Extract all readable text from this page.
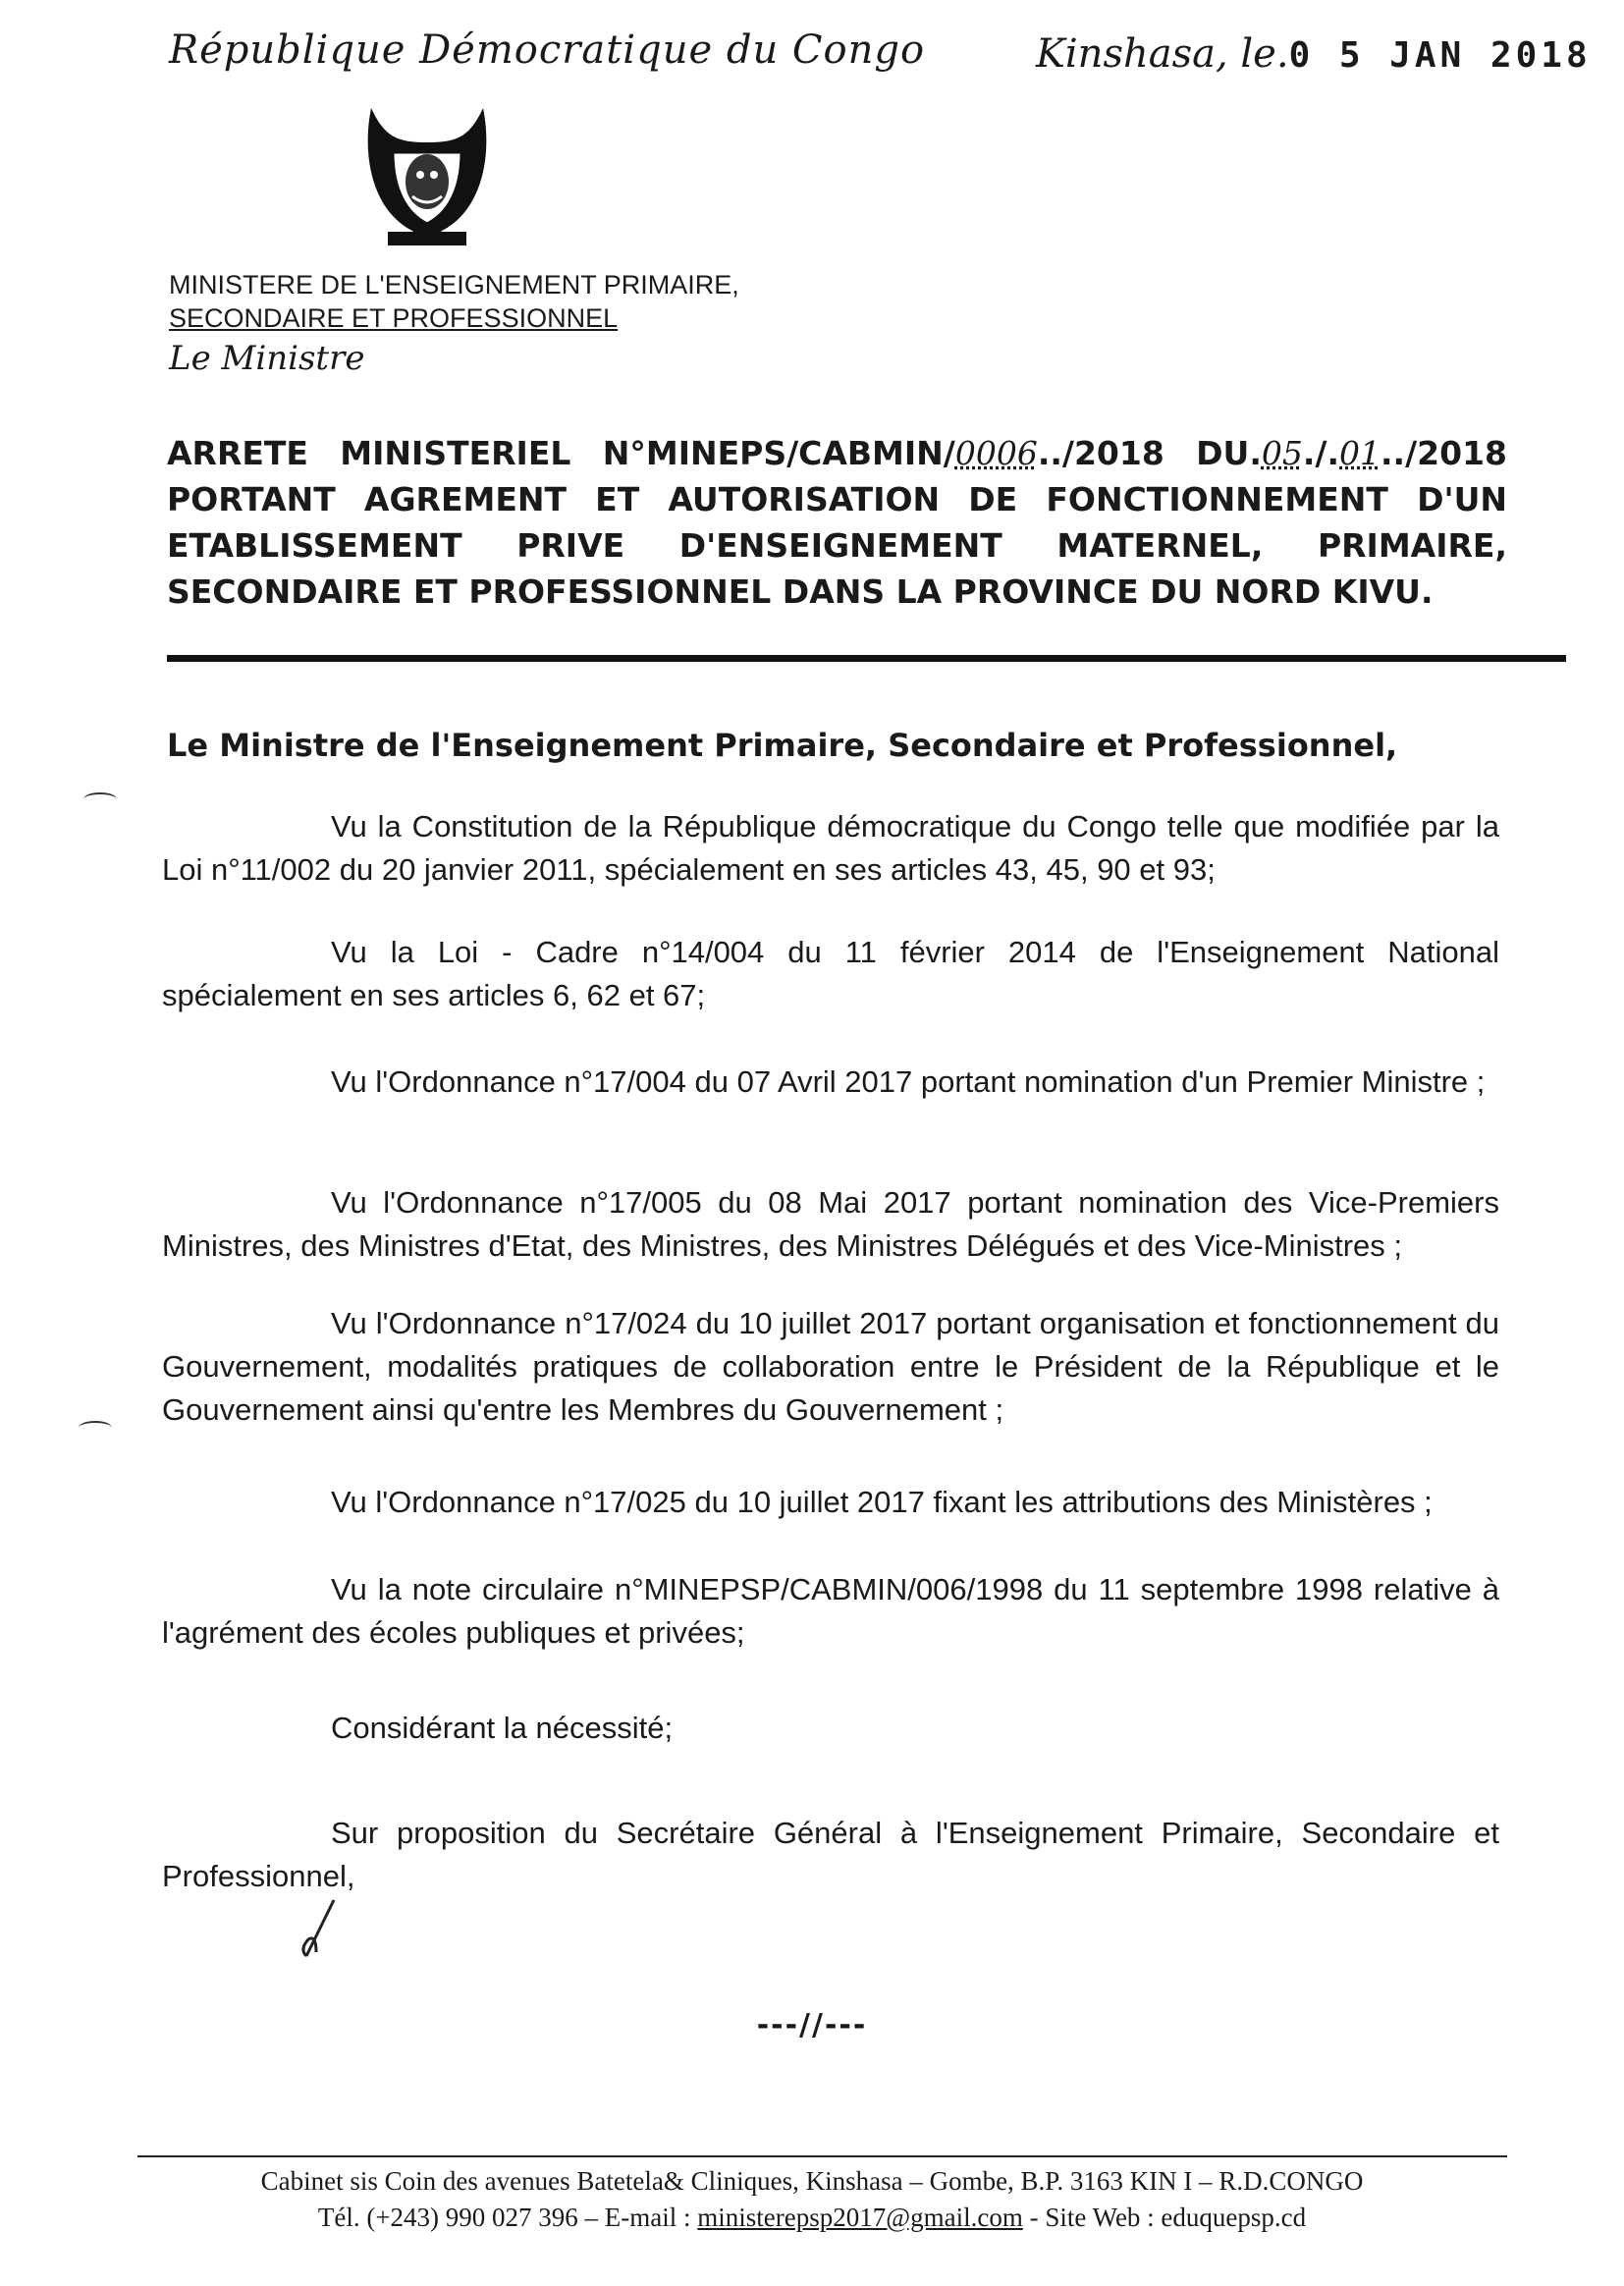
République Démocratique du Congo	Kinshasa, le.0 5 JAN 2018
MINISTERE DE L'ENSEIGNEMENT PRIMAIRE,
SECONDAIRE ET PROFESSIONNEL
Le Ministre
ARRETE MINISTERIEL N°MINEPS/CABMIN/0006../2018 DU.05./.01../2018 PORTANT AGREMENT ET AUTORISATION DE FONCTIONNEMENT D'UN ETABLISSEMENT PRIVE D'ENSEIGNEMENT MATERNEL, PRIMAIRE, SECONDAIRE ET PROFESSIONNEL DANS LA PROVINCE DU NORD KIVU.
Le Ministre de l'Enseignement Primaire, Secondaire et Professionnel,
Vu la Constitution de la République démocratique du Congo telle que modifiée par la Loi n°11/002 du 20 janvier 2011, spécialement en ses articles 43, 45, 90 et 93;
Vu la Loi - Cadre n°14/004 du 11 février 2014 de l'Enseignement National spécialement en ses articles 6, 62 et 67;
Vu l'Ordonnance n°17/004 du 07 Avril 2017 portant nomination d'un Premier Ministre ;
Vu l'Ordonnance n°17/005 du 08 Mai 2017 portant nomination des Vice-Premiers Ministres, des Ministres d'Etat, des Ministres, des Ministres Délégués et des Vice-Ministres ;
Vu l'Ordonnance n°17/024 du 10 juillet 2017 portant organisation et fonctionnement du Gouvernement, modalités pratiques de collaboration entre le Président de la République et le Gouvernement ainsi qu'entre les Membres du Gouvernement ;
Vu l'Ordonnance n°17/025 du 10 juillet 2017 fixant les attributions des Ministères ;
Vu la note circulaire n°MINEPSP/CABMIN/006/1998 du 11 septembre 1998 relative à l'agrément des écoles publiques et privées;
Considérant la nécessité;
Sur proposition du Secrétaire Général à l'Enseignement Primaire, Secondaire et Professionnel,
---//---
Cabinet sis Coin des avenues Batetela& Cliniques, Kinshasa – Gombe, B.P. 3163 KIN I – R.D.CONGO
Tél. (+243) 990 027 396 – E-mail : ministerepsp2017@gmail.com - Site Web : eduquepsp.cd
